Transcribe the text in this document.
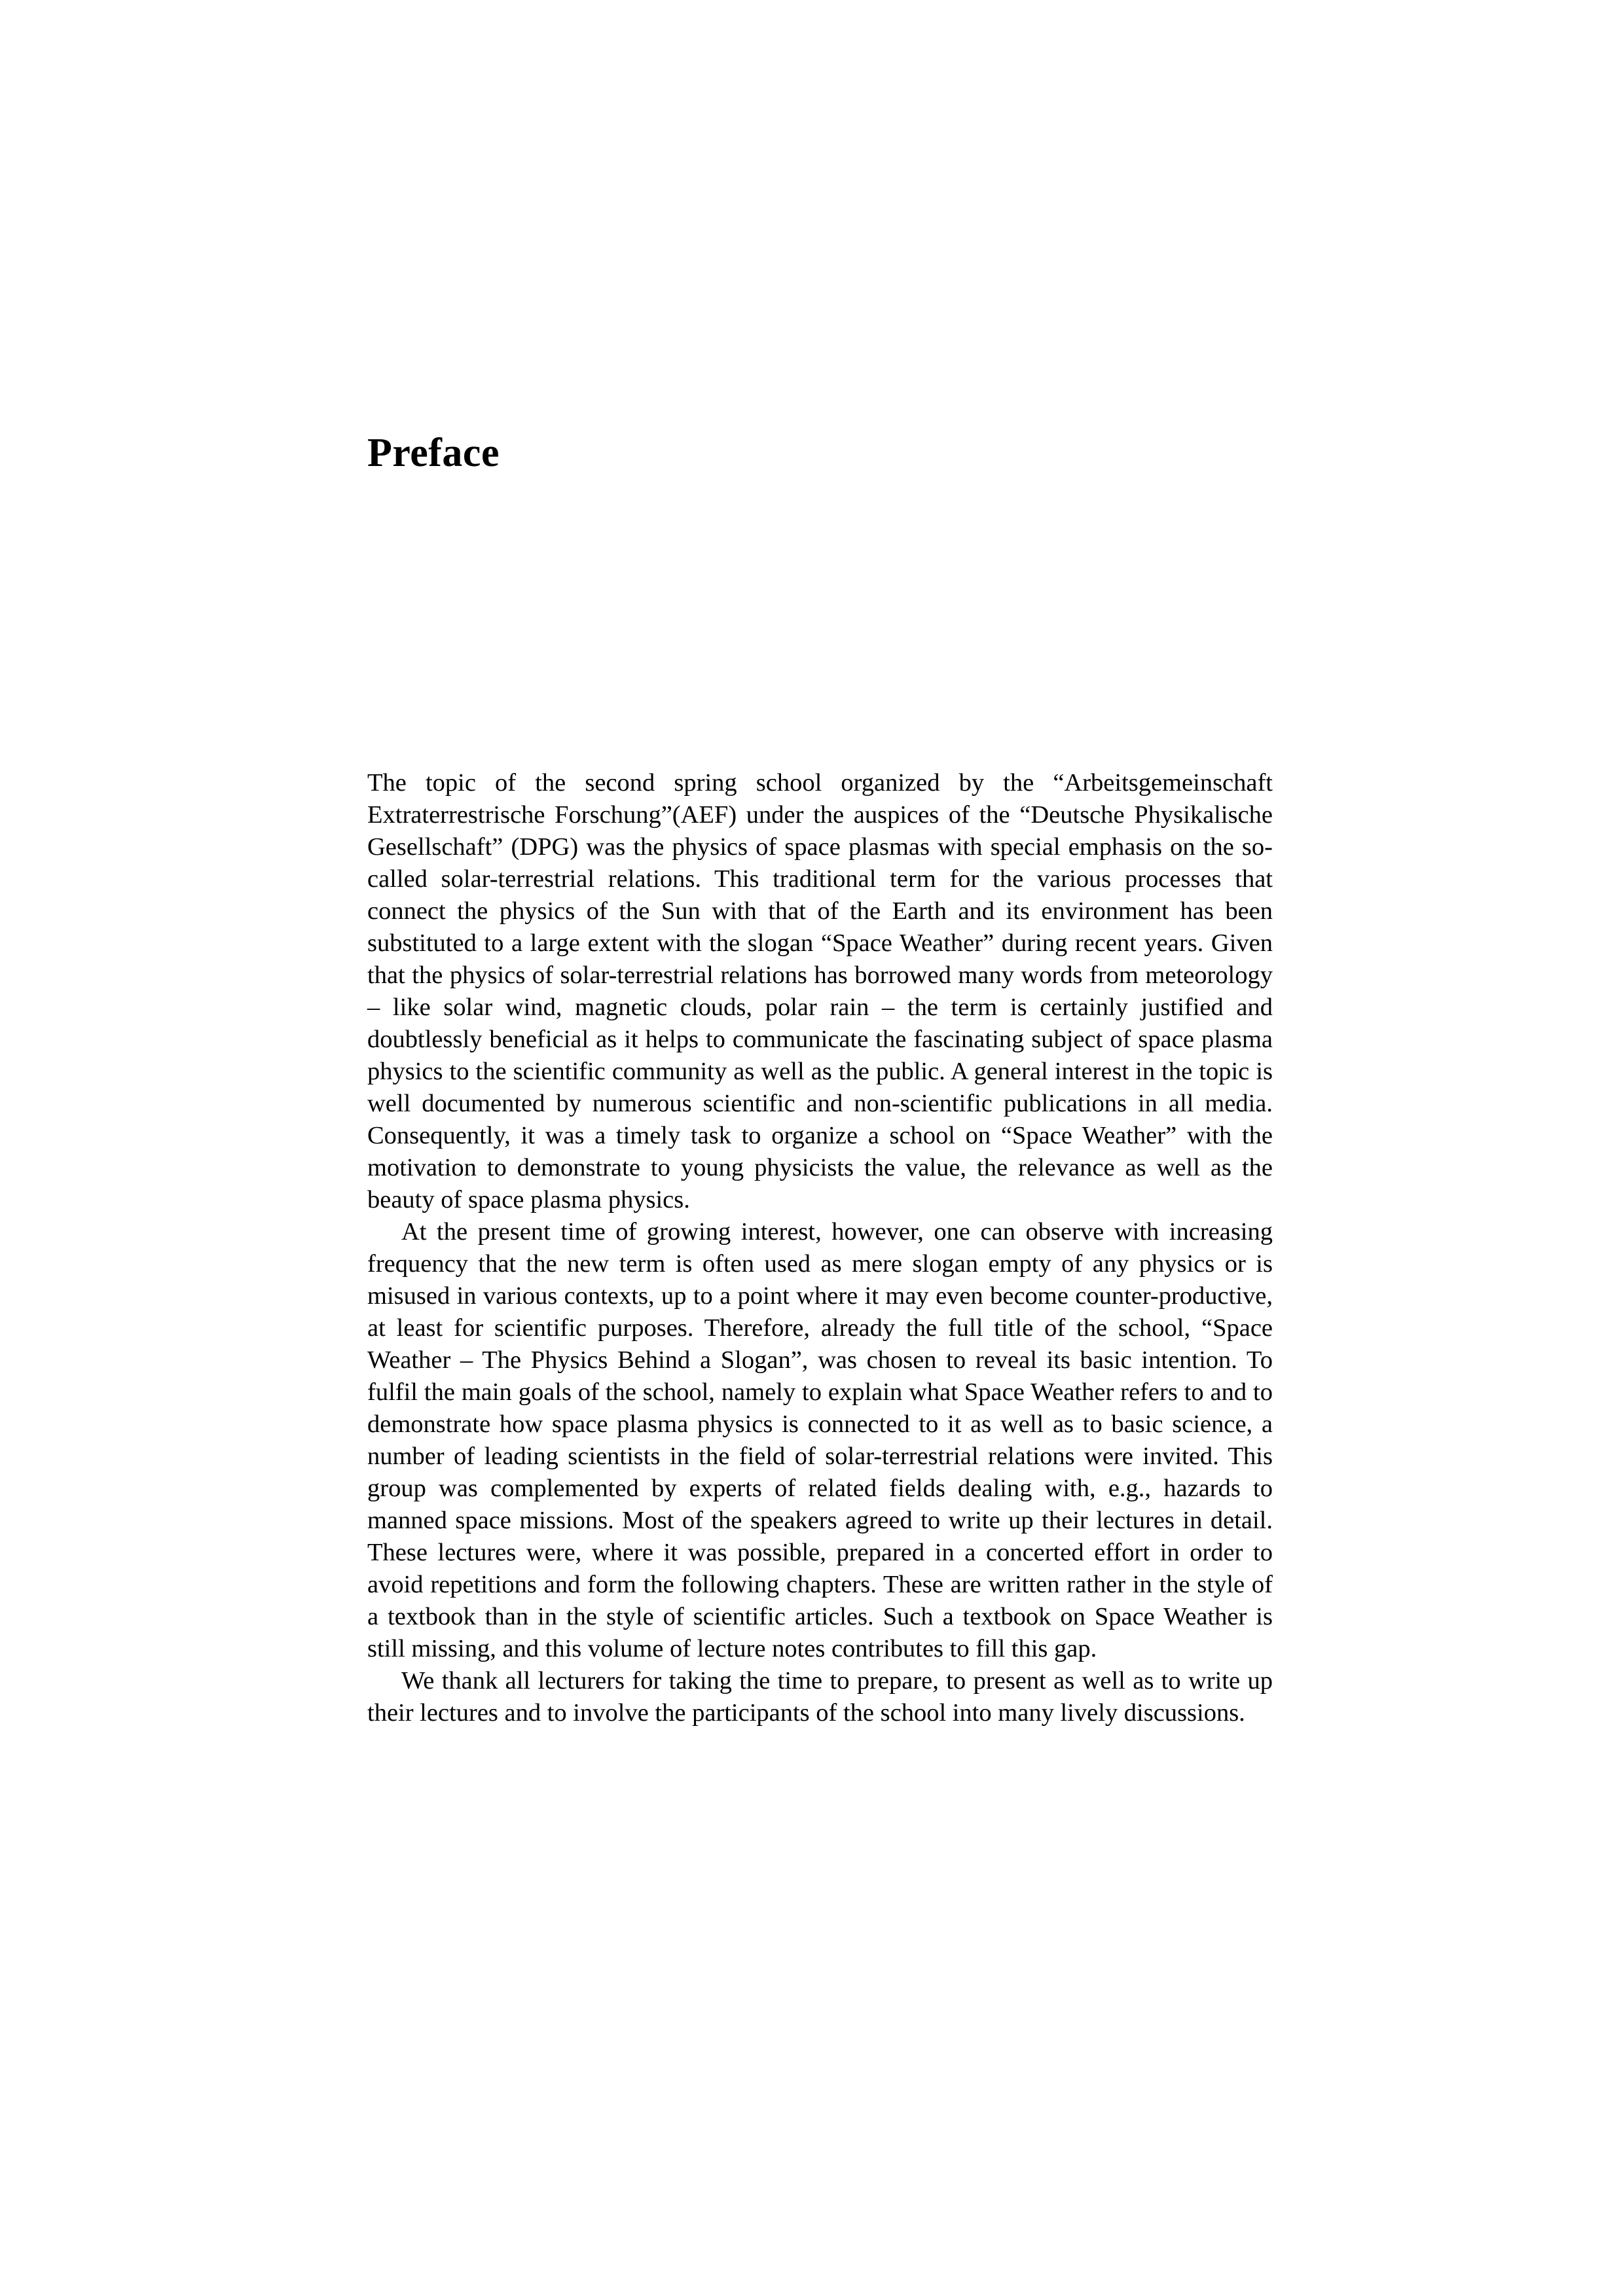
Preface

The topic of the second spring school organized by the “Arbeitsgemeinschaft Extraterrestrische Forschung”(AEF) under the auspices of the “Deutsche Physikalische Gesellschaft” (DPG) was the physics of space plasmas with special emphasis on the so-called solar-terrestrial relations. This traditional term for the various processes that connect the physics of the Sun with that of the Earth and its environment has been substituted to a large extent with the slogan “Space Weather” during recent years. Given that the physics of solar-terrestrial relations has borrowed many words from meteorology – like solar wind, magnetic clouds, polar rain – the term is certainly justified and doubtlessly beneficial as it helps to communicate the fascinating subject of space plasma physics to the scientific community as well as the public. A general interest in the topic is well documented by numerous scientific and non-scientific publications in all media. Consequently, it was a timely task to organize a school on “Space Weather” with the motivation to demonstrate to young physicists the value, the relevance as well as the beauty of space plasma physics.

At the present time of growing interest, however, one can observe with increasing frequency that the new term is often used as mere slogan empty of any physics or is misused in various contexts, up to a point where it may even become counter-productive, at least for scientific purposes. Therefore, already the full title of the school, “Space Weather – The Physics Behind a Slogan”, was chosen to reveal its basic intention. To fulfil the main goals of the school, namely to explain what Space Weather refers to and to demonstrate how space plasma physics is connected to it as well as to basic science, a number of leading scientists in the field of solar-terrestrial relations were invited. This group was complemented by experts of related fields dealing with, e.g., hazards to manned space missions. Most of the speakers agreed to write up their lectures in detail. These lectures were, where it was possible, prepared in a concerted effort in order to avoid repetitions and form the following chapters. These are written rather in the style of a textbook than in the style of scientific articles. Such a textbook on Space Weather is still missing, and this volume of lecture notes contributes to fill this gap.

We thank all lecturers for taking the time to prepare, to present as well as to write up their lectures and to involve the participants of the school into many lively discussions.
